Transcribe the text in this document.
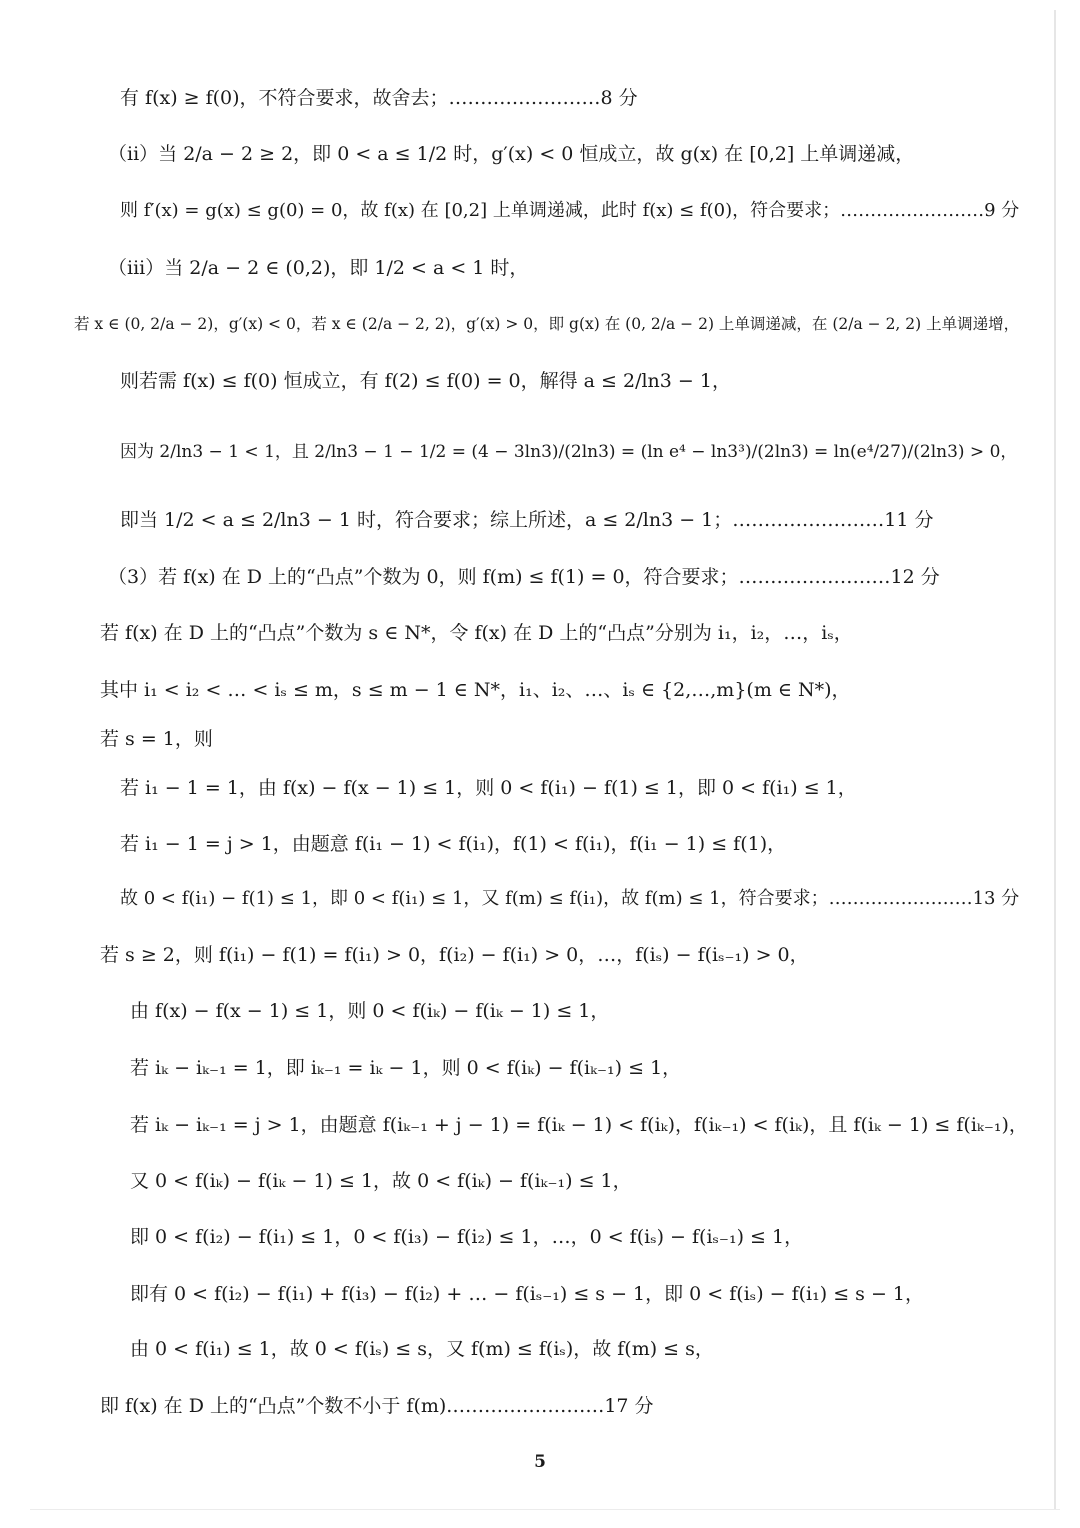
有 f(x) ≥ f(0)，不符合要求，故舍去；……………………8 分
（ii）当 2/a − 2 ≥ 2，即 0 < a ≤ 1/2 时，g′(x) < 0 恒成立，故 g(x) 在 [0,2] 上单调递减，
则 f′(x) = g(x) ≤ g(0) = 0，故 f(x) 在 [0,2] 上单调递减，此时 f(x) ≤ f(0)，符合要求；……………………9 分
（iii）当 2/a − 2 ∈ (0,2)，即 1/2 < a < 1 时，
若 x ∈ (0, 2/a − 2)，g′(x) < 0，若 x ∈ (2/a − 2, 2)，g′(x) > 0，即 g(x) 在 (0, 2/a − 2) 上单调递减，在 (2/a − 2, 2) 上单调递增，
则若需 f(x) ≤ f(0) 恒成立，有 f(2) ≤ f(0) = 0，解得 a ≤ 2/ln3 − 1，
因为 2/ln3 − 1 < 1，且 2/ln3 − 1 − 1/2 = (4 − 3ln3)/(2ln3) = (ln e⁴ − ln3³)/(2ln3) = ln(e⁴/27)/(2ln3) > 0，
即当 1/2 < a ≤ 2/ln3 − 1 时，符合要求；综上所述，a ≤ 2/ln3 − 1；……………………11 分
（3）若 f(x) 在 D 上的“凸点”个数为 0，则 f(m) ≤ f(1) = 0，符合要求；……………………12 分
若 f(x) 在 D 上的“凸点”个数为 s ∈ N*，令 f(x) 在 D 上的“凸点”分别为 i₁，i₂，…，iₛ，
其中 i₁ < i₂ < … < iₛ ≤ m，s ≤ m − 1 ∈ N*，i₁、i₂、…、iₛ ∈ {2,…,m}(m ∈ N*)，
若 s = 1，则
若 i₁ − 1 = 1，由 f(x) − f(x − 1) ≤ 1，则 0 < f(i₁) − f(1) ≤ 1，即 0 < f(i₁) ≤ 1，
若 i₁ − 1 = j > 1，由题意 f(i₁ − 1) < f(i₁)，f(1) < f(i₁)，f(i₁ − 1) ≤ f(1)，
故 0 < f(i₁) − f(1) ≤ 1，即 0 < f(i₁) ≤ 1，又 f(m) ≤ f(i₁)，故 f(m) ≤ 1，符合要求；……………………13 分
若 s ≥ 2，则 f(i₁) − f(1) = f(i₁) > 0，f(i₂) − f(i₁) > 0，…，f(iₛ) − f(iₛ₋₁) > 0，
由 f(x) − f(x − 1) ≤ 1，则 0 < f(iₖ) − f(iₖ − 1) ≤ 1，
若 iₖ − iₖ₋₁ = 1，即 iₖ₋₁ = iₖ − 1，则 0 < f(iₖ) − f(iₖ₋₁) ≤ 1，
若 iₖ − iₖ₋₁ = j > 1，由题意 f(iₖ₋₁ + j − 1) = f(iₖ − 1) < f(iₖ)，f(iₖ₋₁) < f(iₖ)，且 f(iₖ − 1) ≤ f(iₖ₋₁)，
又 0 < f(iₖ) − f(iₖ − 1) ≤ 1，故 0 < f(iₖ) − f(iₖ₋₁) ≤ 1，
即 0 < f(i₂) − f(i₁) ≤ 1，0 < f(i₃) − f(i₂) ≤ 1，…，0 < f(iₛ) − f(iₛ₋₁) ≤ 1，
即有 0 < f(i₂) − f(i₁) + f(i₃) − f(i₂) + … − f(iₛ₋₁) ≤ s − 1，即 0 < f(iₛ) − f(i₁) ≤ s − 1，
由 0 < f(i₁) ≤ 1，故 0 < f(iₛ) ≤ s，又 f(m) ≤ f(iₛ)，故 f(m) ≤ s，
即 f(x) 在 D 上的“凸点”个数不小于 f(m).……………………17 分
5
